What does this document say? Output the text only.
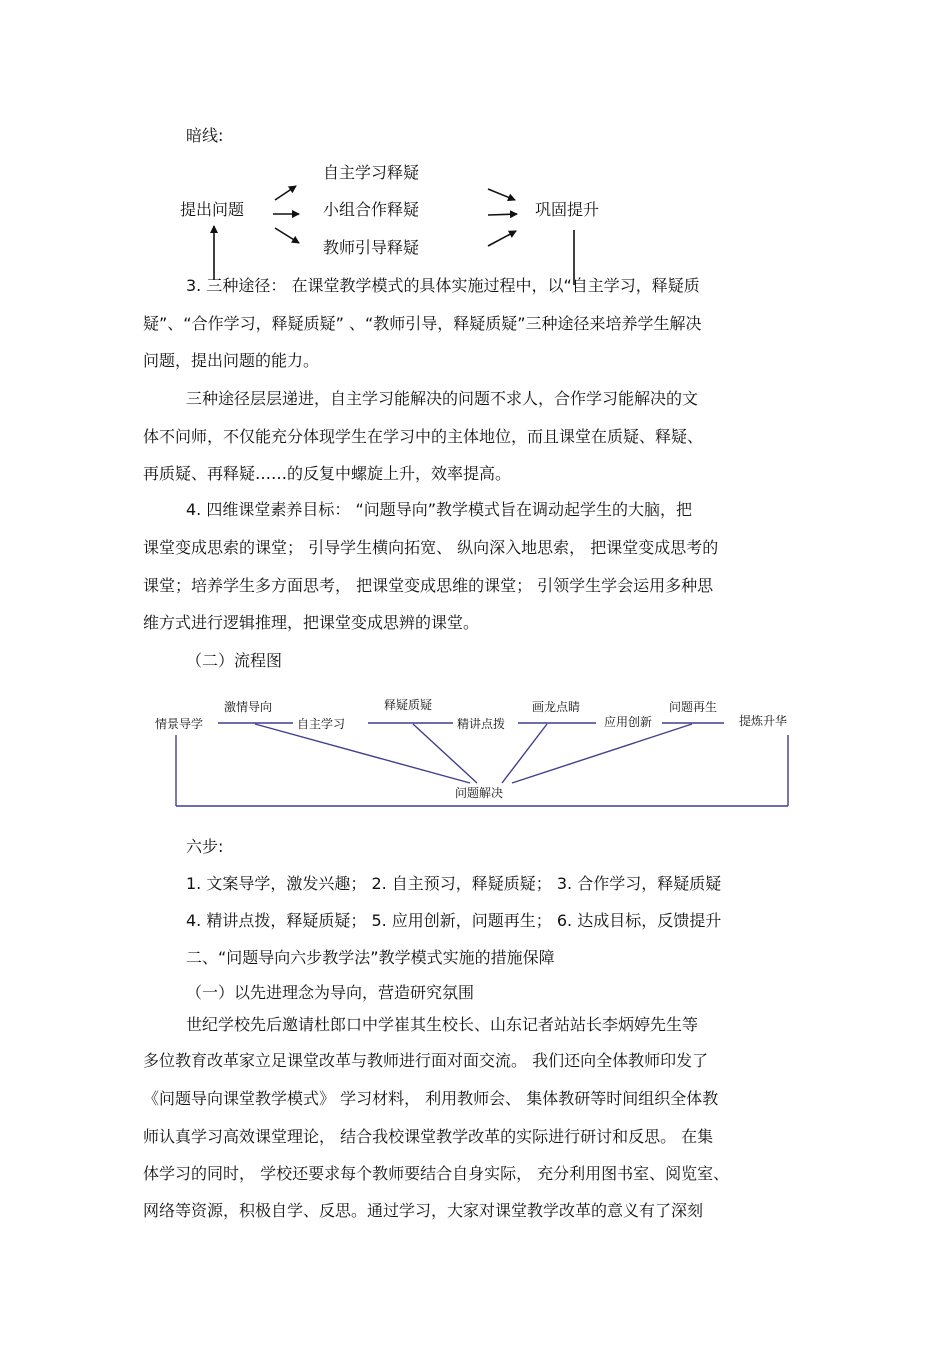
暗线:
提出问题
自主学习释疑
小组合作释疑
教师引导释疑
巩固提升
3. 三种途径： 在课堂教学模式的具体实施过程中，以“自主学习，释疑质
疑”、“合作学习，释疑质疑” 、“教师引导，释疑质疑”三种途径来培养学生解决
问题，提出问题的能力。
三种途径层层递进，自主学习能解决的问题不求人，合作学习能解决的文
体不问师，不仅能充分体现学生在学习中的主体地位，而且课堂在质疑、释疑、
再质疑、再释疑……的反复中螺旋上升，效率提高。
4. 四维课堂素养目标： “问题导向”教学模式旨在调动起学生的大脑，把
课堂变成思索的课堂； 引导学生横向拓宽、 纵向深入地思索， 把课堂变成思考的
课堂；培养学生多方面思考， 把课堂变成思维的课堂； 引领学生学会运用多种思
维方式进行逻辑推理，把课堂变成思辨的课堂。
（二）流程图
情景导学
激情导向
自主学习
释疑质疑
精讲点拨
画龙点睛
应用创新
问题再生
提炼升华
问题解决
六步:
1. 文案导学，激发兴趣； 2. 自主预习，释疑质疑； 3. 合作学习，释疑质疑
4. 精讲点拨，释疑质疑； 5. 应用创新，问题再生； 6. 达成目标，反馈提升
二、“问题导向六步教学法”教学模式实施的措施保障
（一）以先进理念为导向，营造研究氛围
世纪学校先后邀请杜郎口中学崔其生校长、山东记者站站长李炳婷先生等
多位教育改革家立足课堂改革与教师进行面对面交流。 我们还向全体教师印发了
《问题导向课堂教学模式》 学习材料， 利用教师会、 集体教研等时间组织全体教
师认真学习高效课堂理论， 结合我校课堂教学改革的实际进行研讨和反思。 在集
体学习的同时， 学校还要求每个教师要结合自身实际， 充分利用图书室、阅览室、
网络等资源，积极自学、反思。通过学习，大家对课堂教学改革的意义有了深刻
